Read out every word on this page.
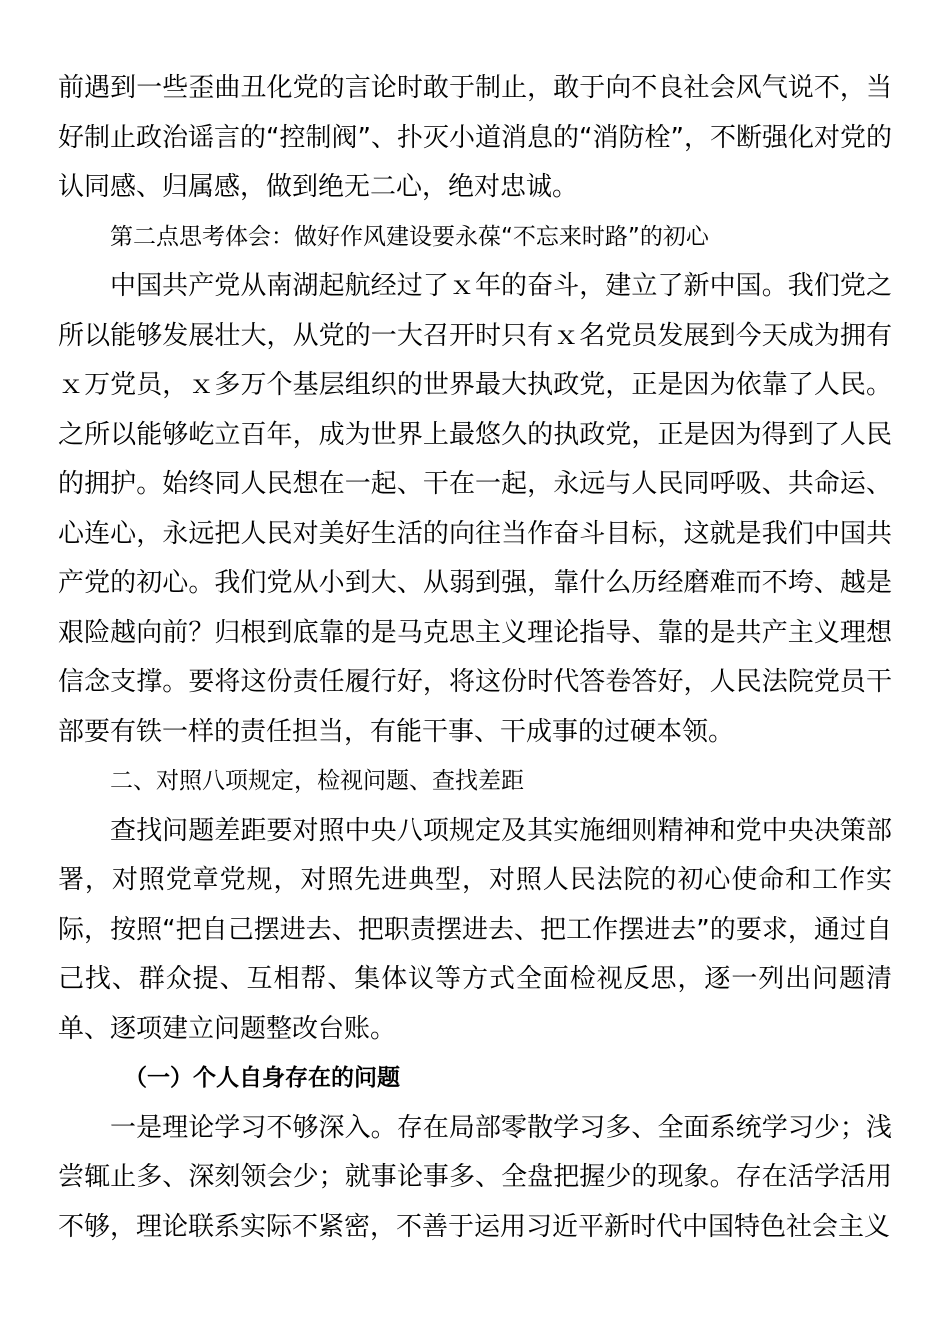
前遇到一些歪曲丑化党的言论时敢于制止，敢于向不良社会风气说不，当好制止政治谣言的“控制阀”、扑灭小道消息的“消防栓”，不断强化对党的认同感、归属感，做到绝无二心，绝对忠诚。

第二点思考体会：做好作风建设要永葆“不忘来时路”的初心

中国共产党从南湖起航经过了ｘ年的奋斗，建立了新中国。我们党之所以能够发展壮大，从党的一大召开时只有ｘ名党员发展到今天成为拥有ｘ万党员，ｘ多万个基层组织的世界最大执政党，正是因为依靠了人民。之所以能够屹立百年，成为世界上最悠久的执政党，正是因为得到了人民的拥护。始终同人民想在一起、干在一起，永远与人民同呼吸、共命运、心连心，永远把人民对美好生活的向往当作奋斗目标，这就是我们中国共产党的初心。我们党从小到大、从弱到强，靠什么历经磨难而不垮、越是艰险越向前？归根到底靠的是马克思主义理论指导、靠的是共产主义理想信念支撑。要将这份责任履行好，将这份时代答卷答好，人民法院党员干部要有铁一样的责任担当，有能干事、干成事的过硬本领。

二、对照八项规定，检视问题、查找差距

查找问题差距要对照中央八项规定及其实施细则精神和党中央决策部署，对照党章党规，对照先进典型，对照人民法院的初心使命和工作实际，按照“把自己摆进去、把职责摆进去、把工作摆进去”的要求，通过自己找、群众提、互相帮、集体议等方式全面检视反思，逐一列出问题清单、逐项建立问题整改台账。

（一）个人自身存在的问题

一是理论学习不够深入。存在局部零散学习多、全面系统学习少；浅尝辄止多、深刻领会少；就事论事多、全盘把握少的现象。存在活学活用不够，理论联系实际不紧密，不善于运用习近平新时代中国特色社会主义
